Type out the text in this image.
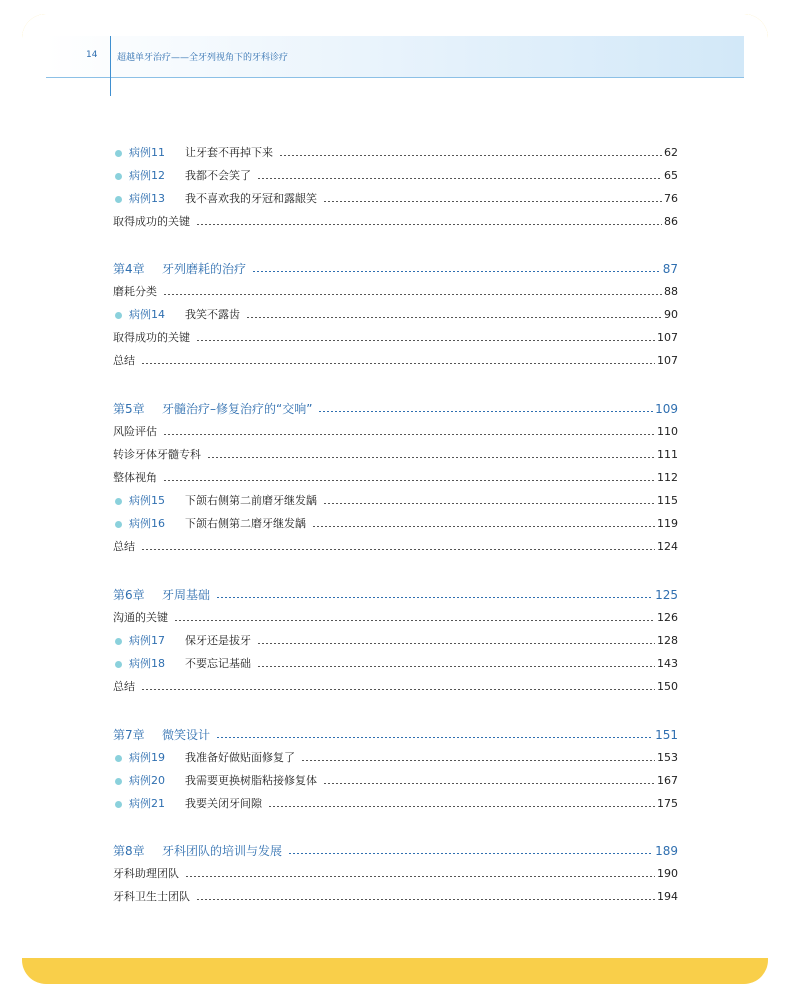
14 超越单牙治疗——全牙列视角下的牙科诊疗
病例11	让牙套不再掉下来	62
病例12	我都不会笑了	65
病例13	我不喜欢我的牙冠和露龈笑	76
取得成功的关键	86
第4章	牙列磨耗的治疗	87
磨耗分类	88
病例14	我笑不露齿	90
取得成功的关键	107
总结	107
第5章	牙髓治疗–修复治疗的“交响”	109
风险评估	110
转诊牙体牙髓专科	111
整体视角	112
病例15	下颌右侧第二前磨牙继发龋	115
病例16	下颌右侧第二磨牙继发龋	119
总结	124
第6章	牙周基础	125
沟通的关键	126
病例17	保牙还是拔牙	128
病例18	不要忘记基础	143
总结	150
第7章	微笑设计	151
病例19	我准备好做贴面修复了	153
病例20	我需要更换树脂粘接修复体	167
病例21	我要关闭牙间隙	175
第8章	牙科团队的培训与发展	189
牙科助理团队	190
牙科卫生士团队	194
